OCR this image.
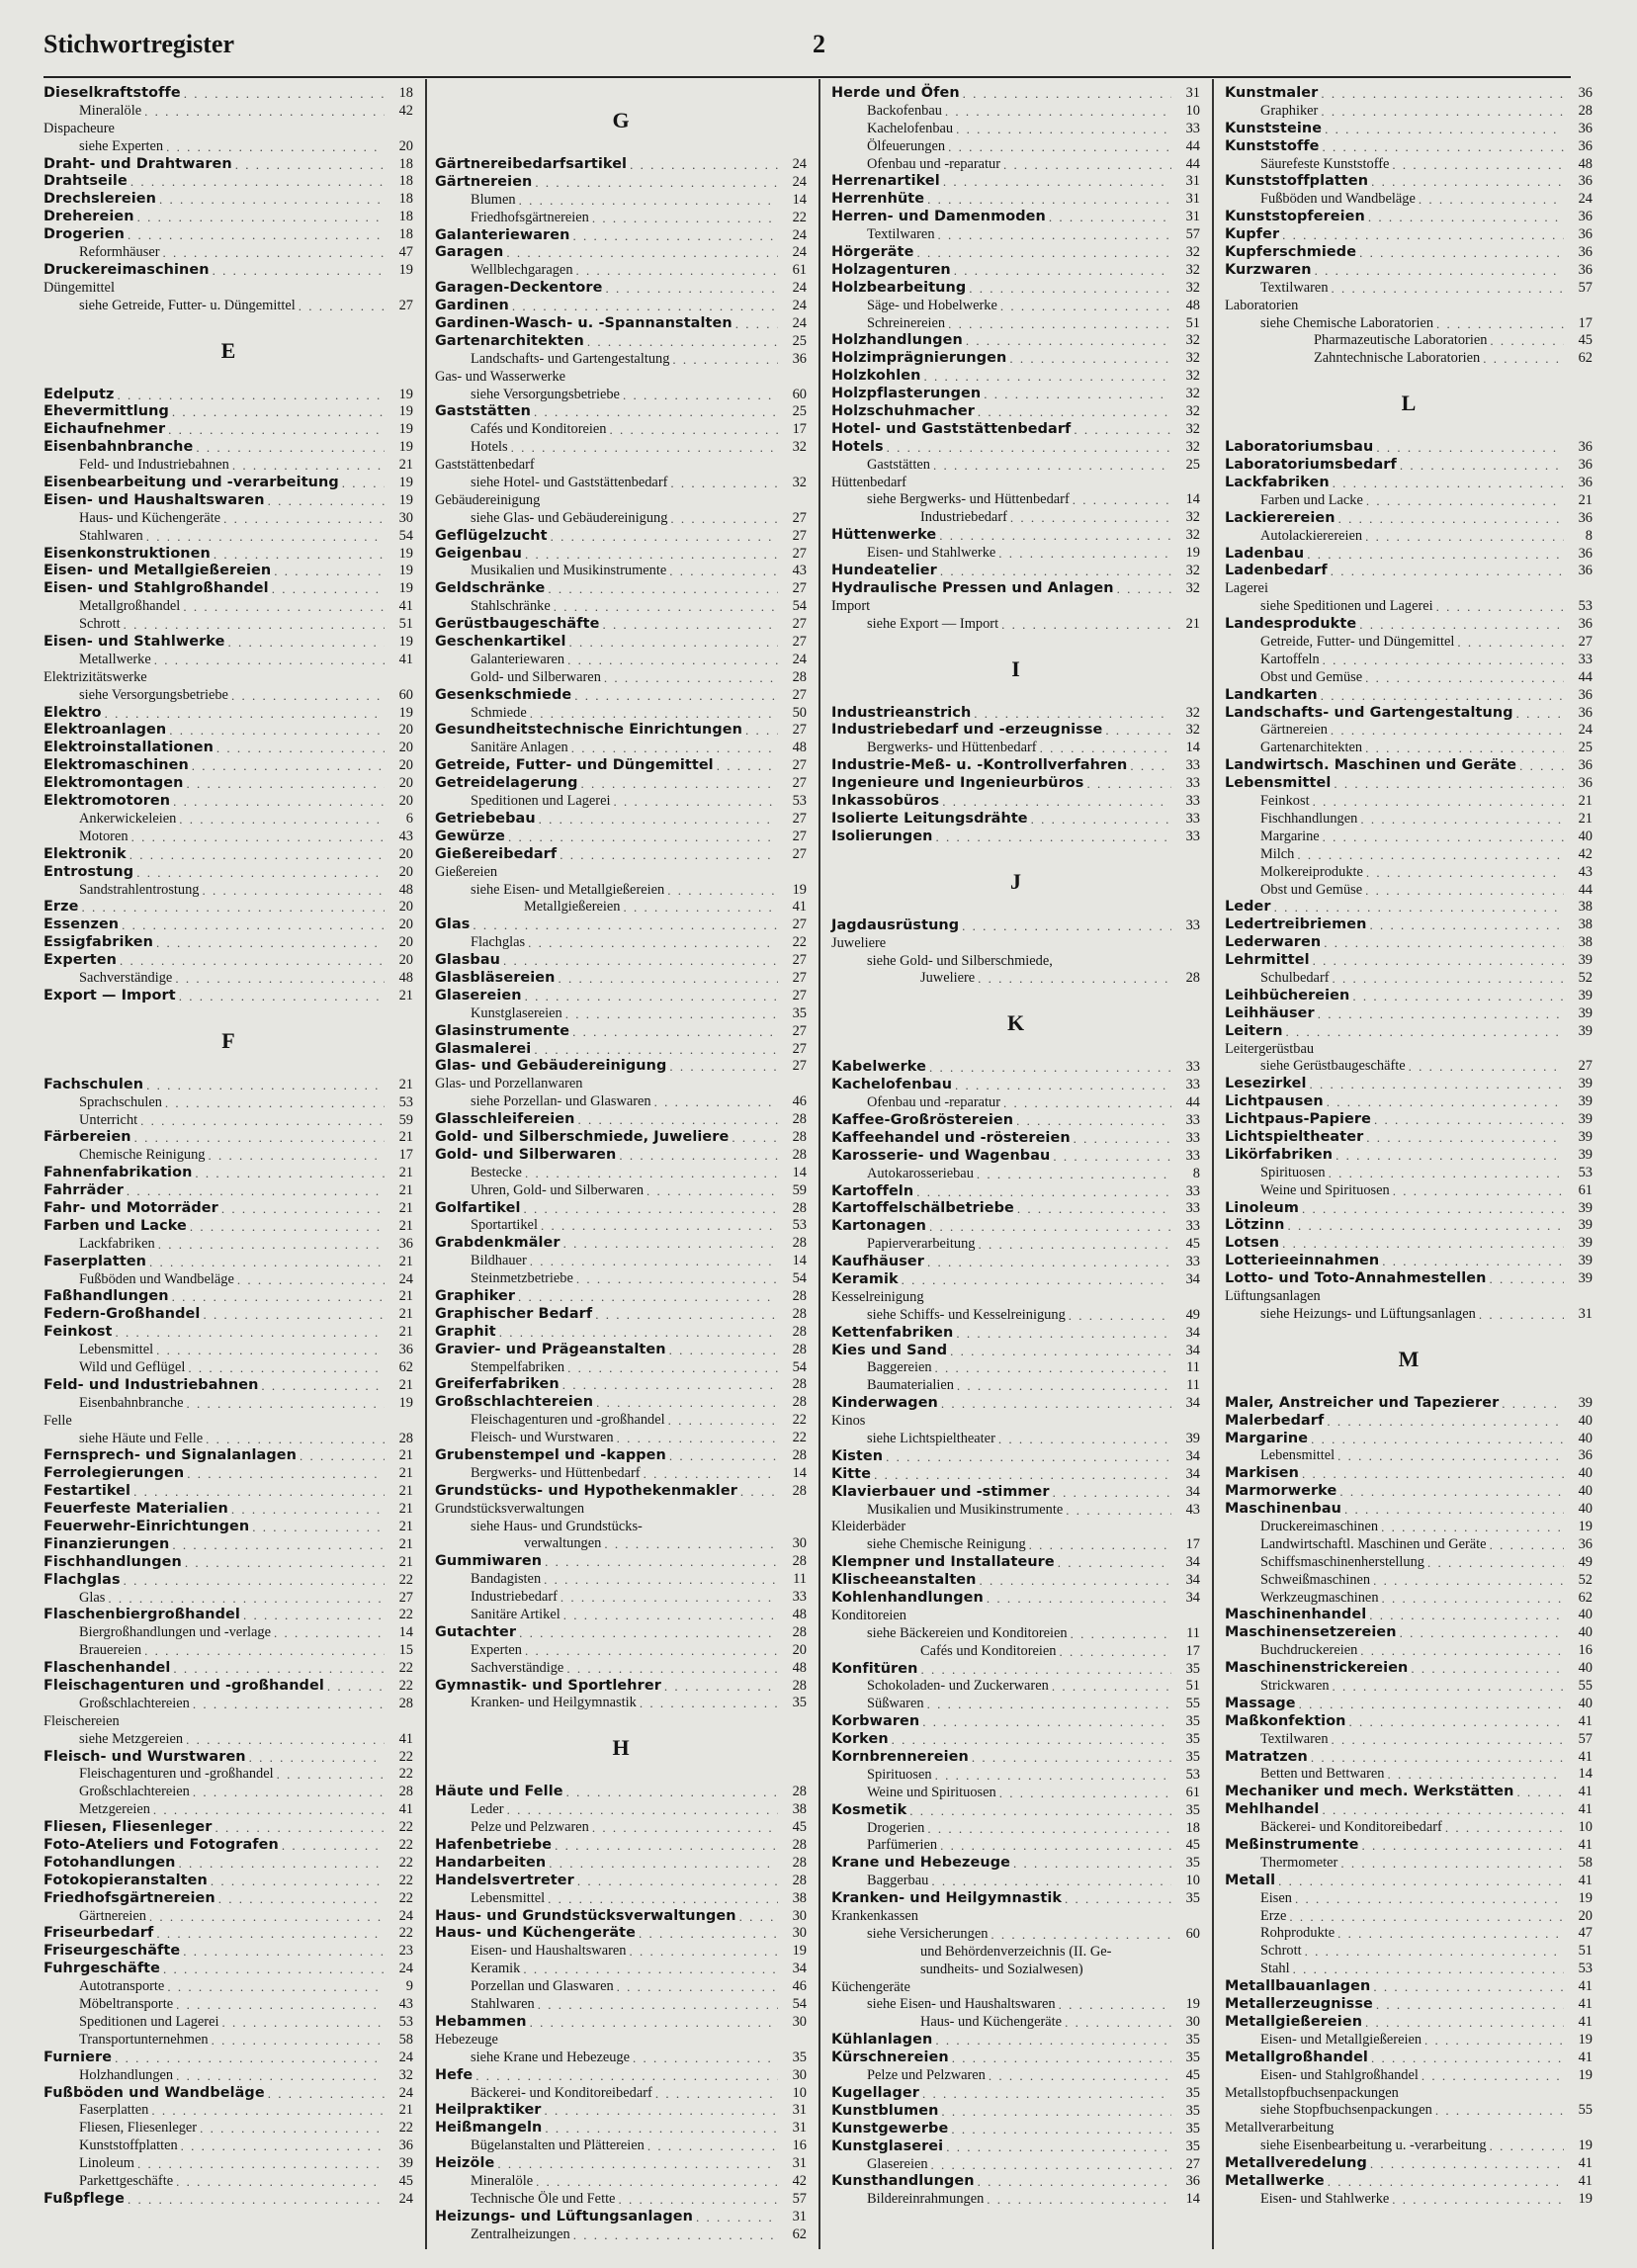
Stichwortregister	2
Dieselkraftstoffe . . .	18
Mineralöle . . .	42
Dispacheure
siehe Experten . . .	20
Draht- und Drahtwaren . . .	18
Drahtseile . . .	18
Drechslereien . . .	18
Drehereien . . .	18
Drogerien . . .	18
Reformhäuser . . .	47
Druckereimaschinen . . .	19
Düngemittel
siehe Getreide, Futter- u. Düngemittel . . .	27
E
Edelputz . . .	19
Ehevermittlung . . .	19
Eichaufnehmer . . .	19
Eisenbahnbranche . . .	19
Feld- und Industriebahnen . . .	21
Eisenbearbeitung und -verarbeitung . . .	19
Eisen- und Haushaltswaren . . .	19
Haus- und Küchengeräte . . .	30
Stahlwaren . . .	54
Eisenkonstruktionen . . .	19
Eisen- und Metallgießereien . . .	19
Eisen- und Stahlgroßhandel . . .	19
Metallgroßhandel . . .	41
Schrott . . .	51
Eisen- und Stahlwerke . . .	19
Metallwerke . . .	41
Elektrizitätswerke
siehe Versorgungsbetriebe . . .	60
Elektro . . .	19
Elektroanlagen . . .	20
Elektroinstallationen . . .	20
Elektromaschinen . . .	20
Elektromontagen . . .	20
Elektromotoren . . .	20
Ankerwickeleien . . .	6
Motoren . . .	43
Elektronik . . .	20
Entrostung . . .	20
Sandstrahlentrostung . . .	48
Erze . . .	20
Essenzen . . .	20
Essigfabriken . . .	20
Experten . . .	20
Sachverständige . . .	48
Export — Import . . .	21
F
Fachschulen . . .	21
Sprachschulen . . .	53
Unterricht . . .	59
Färbereien . . .	21
Chemische Reinigung . . .	17
Fahnenfabrikation . . .	21
Fahrräder . . .	21
Fahr- und Motorräder . . .	21
Farben und Lacke . . .	21
Lackfabriken . . .	36
Faserplatten . . .	21
Fußböden und Wandbeläge . . .	24
Faßhandlungen . . .	21
Federn-Großhandel . . .	21
Feinkost . . .	21
Lebensmittel . . .	36
Wild und Geflügel . . .	62
Feld- und Industriebahnen . . .	21
Eisenbahnbranche . . .	19
Felle
siehe Häute und Felle . . .	28
Fernsprech- und Signalanlagen . . .	21
Ferrolegierungen . . .	21
Festartikel . . .	21
Feuerfeste Materialien . . .	21
Feuerwehr-Einrichtungen . . .	21
Finanzierungen . . .	21
Fischhandlungen . . .	21
Flachglas . . .	22
Glas . . .	27
Flaschenbiergroßhandel . . .	22
Biergroßhandlungen und -verlage . . .	14
Brauereien . . .	15
Flaschenhandel . . .	22
Fleischagenturen und -großhandel . . .	22
Großschlachtereien . . .	28
Fleischereien
siehe Metzgereien . . .	41
Fleisch- und Wurstwaren . . .	22
Fleischagenturen und -großhandel . . .	22
Großschlachtereien . . .	28
Metzgereien . . .	41
Fliesen, Fliesenleger . . .	22
Foto-Ateliers und Fotografen . . .	22
Fotohandlungen . . .	22
Fotokopieranstalten . . .	22
Friedhofsgärtnereien . . .	22
Gärtnereien . . .	24
Friseurbedarf . . .	22
Friseurgeschäfte . . .	23
Fuhrgeschäfte . . .	24
Autotransporte . . .	9
Möbeltransporte . . .	43
Speditionen und Lagerei . . .	53
Transportunternehmen . . .	58
Furniere . . .	24
Holzhandlungen . . .	32
Fußböden und Wandbeläge . . .	24
Faserplatten . . .	21
Fliesen, Fliesenleger . . .	22
Kunststoffplatten . . .	36
Linoleum . . .	39
Parkettgeschäfte . . .	45
Fußpflege . . .	24
G
Gärtnereibedarfsartikel . . .	24
Gärtnereien . . .	24
Blumen . . .	14
Friedhofsgärtnereien . . .	22
Galanteriewaren . . .	24
Garagen . . .	24
Wellblechgaragen . . .	61
Garagen-Deckentore . . .	24
Gardinen . . .	24
Gardinen-Wasch- u. -Spannanstalten . . .	24
Gartenarchitekten . . .	25
Landschafts- und Gartengestaltung . . .	36
Gas- und Wasserwerke
siehe Versorgungsbetriebe . . .	60
Gaststätten . . .	25
Cafés und Konditoreien . . .	17
Hotels . . .	32
Gaststättenbedarf
siehe Hotel- und Gaststättenbedarf . . .	32
Gebäudereinigung
siehe Glas- und Gebäudereinigung . . .	27
Geflügelzucht . . .	27
Geigenbau . . .	27
Musikalien und Musikinstrumente . . .	43
Geldschränke . . .	27
Stahlschränke . . .	54
Gerüstbaugeschäfte . . .	27
Geschenkartikel . . .	27
Galanteriewaren . . .	24
Gold- und Silberwaren . . .	28
Gesenkschmiede . . .	27
Schmiede . . .	50
Gesundheitstechnische Einrichtungen . . .	27
Sanitäre Anlagen . . .	48
Getreide, Futter- und Düngemittel . . .	27
Getreidelagerung . . .	27
Speditionen und Lagerei . . .	53
Getriebebau . . .	27
Gewürze . . .	27
Gießereibedarf . . .	27
Gießereien
siehe Eisen- und Metallgießereien . . .	19
Metallgießereien . . .	41
Glas . . .	27
Flachglas . . .	22
Glasbau . . .	27
Glasbläsereien . . .	27
Glasereien . . .	27
Kunstglasereien . . .	35
Glasinstrumente . . .	27
Glasmalerei . . .	27
Glas- und Gebäudereinigung . . .	27
Glas- und Porzellanwaren
siehe Porzellan- und Glaswaren . . .	46
Glasschleifereien . . .	28
Gold- und Silberschmiede, Juweliere . . .	28
Gold- und Silberwaren . . .	28
Bestecke . . .	14
Uhren, Gold- und Silberwaren . . .	59
Golfartikel . . .	28
Sportartikel . . .	53
Grabdenkmäler . . .	28
Bildhauer . . .	14
Steinmetzbetriebe . . .	54
Graphiker . . .	28
Graphischer Bedarf . . .	28
Graphit . . .	28
Gravier- und Prägeanstalten . . .	28
Stempelfabriken . . .	54
Greiferfabriken . . .	28
Großschlachtereien . . .	28
Fleischagenturen und -großhandel . . .	22
Fleisch- und Wurstwaren . . .	22
Grubenstempel und -kappen . . .	28
Bergwerks- und Hüttenbedarf . . .	14
Grundstücks- und Hypothekenmakler . . .	28
Grundstücksverwaltungen
siehe Haus- und Grundstücks-
verwaltungen . . .	30
Gummiwaren . . .	28
Bandagisten . . .	11
Industriebedarf . . .	33
Sanitäre Artikel . . .	48
Gutachter . . .	28
Experten . . .	20
Sachverständige . . .	48
Gymnastik- und Sportlehrer . . .	28
Kranken- und Heilgymnastik . . .	35
H
Häute und Felle . . .	28
Leder . . .	38
Pelze und Pelzwaren . . .	45
Hafenbetriebe . . .	28
Handarbeiten . . .	28
Handelsvertreter . . .	28
Lebensmittel . . .	38
Haus- und Grundstücksverwaltungen . . .	30
Haus- und Küchengeräte . . .	30
Eisen- und Haushaltswaren . . .	19
Keramik . . .	34
Porzellan und Glaswaren . . .	46
Stahlwaren . . .	54
Hebammen . . .	30
Hebezeuge
siehe Krane und Hebezeuge . . .	35
Hefe . . .	30
Bäckerei- und Konditoreibedarf . . .	10
Heilpraktiker . . .	31
Heißmangeln . . .	31
Bügelanstalten und Plättereien . . .	16
Heizöle . . .	31
Mineralöle . . .	42
Technische Öle und Fette . . .	57
Heizungs- und Lüftungsanlagen . . .	31
Zentralheizungen . . .	62
Herde und Öfen . . .	31
Backofenbau . . .	10
Kachelofenbau . . .	33
Ölfeuerungen . . .	44
Ofenbau und -reparatur . . .	44
Herrenartikel . . .	31
Herrenhüte . . .	31
Herren- und Damenmoden . . .	31
Textilwaren . . .	57
Hörgeräte . . .	32
Holzagenturen . . .	32
Holzbearbeitung . . .	32
Säge- und Hobelwerke . . .	48
Schreinereien . . .	51
Holzhandlungen . . .	32
Holzimprägnierungen . . .	32
Holzkohlen . . .	32
Holzpflasterungen . . .	32
Holzschuhmacher . . .	32
Hotel- und Gaststättenbedarf . . .	32
Hotels . . .	32
Gaststätten . . .	25
Hüttenbedarf
siehe Bergwerks- und Hüttenbedarf . . .	14
Industriebedarf . . .	32
Hüttenwerke . . .	32
Eisen- und Stahlwerke . . .	19
Hundeatelier . . .	32
Hydraulische Pressen und Anlagen . . .	32
Import
siehe Export — Import . . .	21
I
Industrieanstrich . . .	32
Industriebedarf und -erzeugnisse . . .	32
Bergwerks- und Hüttenbedarf . . .	14
Industrie-Meß- u. -Kontrollverfahren . . .	33
Ingenieure und Ingenieurbüros . . .	33
Inkassobüros . . .	33
Isolierte Leitungsdrähte . . .	33
Isolierungen . . .	33
J
Jagdausrüstung . . .	33
Juweliere
siehe Gold- und Silberschmiede,
Juweliere . . .	28
K
Kabelwerke . . .	33
Kachelofenbau . . .	33
Ofenbau und -reparatur . . .	44
Kaffee-Großröstereien . . .	33
Kaffeehandel und -röstereien . . .	33
Karosserie- und Wagenbau . . .	33
Autokarosseriebau . . .	8
Kartoffeln . . .	33
Kartoffelschälbetriebe . . .	33
Kartonagen . . .	33
Papierverarbeitung . . .	45
Kaufhäuser . . .	33
Keramik . . .	34
Kesselreinigung
siehe Schiffs- und Kesselreinigung . . .	49
Kettenfabriken . . .	34
Kies und Sand . . .	34
Baggereien . . .	11
Baumaterialien . . .	11
Kinderwagen . . .	34
Kinos
siehe Lichtspieltheater . . .	39
Kisten . . .	34
Kitte . . .	34
Klavierbauer und -stimmer . . .	34
Musikalien und Musikinstrumente . . .	43
Kleiderbäder
siehe Chemische Reinigung . . .	17
Klempner und Installateure . . .	34
Klischeeanstalten . . .	34
Kohlenhandlungen . . .	34
Konditoreien
siehe Bäckereien und Konditoreien . . .	11
Cafés und Konditoreien . . .	17
Konfitüren . . .	35
Schokoladen- und Zuckerwaren . . .	51
Süßwaren . . .	55
Korbwaren . . .	35
Korken . . .	35
Kornbrennereien . . .	35
Spirituosen . . .	53
Weine und Spirituosen . . .	61
Kosmetik . . .	35
Drogerien . . .	18
Parfümerien . . .	45
Krane und Hebezeuge . . .	35
Baggerbau . . .	10
Kranken- und Heilgymnastik . . .	35
Krankenkassen
siehe Versicherungen . . .	60
und Behördenverzeichnis (II. Ge-
sundheits- und Sozialwesen)
Küchengeräte
siehe Eisen- und Haushaltswaren . . .	19
Haus- und Küchengeräte . . .	30
Kühlanlagen . . .	35
Kürschnereien . . .	35
Pelze und Pelzwaren . . .	45
Kugellager . . .	35
Kunstblumen . . .	35
Kunstgewerbe . . .	35
Kunstglaserei . . .	35
Glasereien . . .	27
Kunsthandlungen . . .	36
Bildereinrahmungen . . .	14
Kunstmaler . . .	36
Graphiker . . .	28
Kunststeine . . .	36
Kunststoffe . . .	36
Säurefeste Kunststoffe . . .	48
Kunststoffplatten . . .	36
Fußböden und Wandbeläge . . .	24
Kunststopfereien . . .	36
Kupfer . . .	36
Kupferschmiede . . .	36
Kurzwaren . . .	36
Textilwaren . . .	57
Laboratorien
siehe Chemische Laboratorien . . .	17
Pharmazeutische Laboratorien . . .	45
Zahntechnische Laboratorien . . .	62
L
Laboratoriumsbau . . .	36
Laboratoriumsbedarf . . .	36
Lackfabriken . . .	36
Farben und Lacke . . .	21
Lackierereien . . .	36
Autolackierereien . . .	8
Ladenbau . . .	36
Ladenbedarf . . .	36
Lagerei
siehe Speditionen und Lagerei . . .	53
Landesprodukte . . .	36
Getreide, Futter- und Düngemittel . . .	27
Kartoffeln . . .	33
Obst und Gemüse . . .	44
Landkarten . . .	36
Landschafts- und Gartengestaltung . . .	36
Gärtnereien . . .	24
Gartenarchitekten . . .	25
Landwirtsch. Maschinen und Geräte . . .	36
Lebensmittel . . .	36
Feinkost . . .	21
Fischhandlungen . . .	21
Margarine . . .	40
Milch . . .	42
Molkereiprodukte . . .	43
Obst und Gemüse . . .	44
Leder . . .	38
Ledertreibriemen . . .	38
Lederwaren . . .	38
Lehrmittel . . .	39
Schulbedarf . . .	52
Leihbüchereien . . .	39
Leihhäuser . . .	39
Leitern . . .	39
Leitergerüstbau
siehe Gerüstbaugeschäfte . . .	27
Lesezirkel . . .	39
Lichtpausen . . .	39
Lichtpaus-Papiere . . .	39
Lichtspieltheater . . .	39
Likörfabriken . . .	39
Spirituosen . . .	53
Weine und Spirituosen . . .	61
Linoleum . . .	39
Lötzinn . . .	39
Lotsen . . .	39
Lotterieeinnahmen . . .	39
Lotto- und Toto-Annahmestellen . . .	39
Lüftungsanlagen
siehe Heizungs- und Lüftungsanlagen . . .	31
M
Maler, Anstreicher und Tapezierer . . .	39
Malerbedarf . . .	40
Margarine . . .	40
Lebensmittel . . .	36
Markisen . . .	40
Marmorwerke . . .	40
Maschinenbau . . .	40
Druckereimaschinen . . .	19
Landwirtschaftl. Maschinen und Geräte . . .	36
Schiffsmaschinenherstellung . . .	49
Schweißmaschinen . . .	52
Werkzeugmaschinen . . .	62
Maschinenhandel . . .	40
Maschinensetzereien . . .	40
Buchdruckereien . . .	16
Maschinenstrickereien . . .	40
Strickwaren . . .	55
Massage . . .	40
Maßkonfektion . . .	41
Textilwaren . . .	57
Matratzen . . .	41
Betten und Bettwaren . . .	14
Mechaniker und mech. Werkstätten . . .	41
Mehlhandel . . .	41
Bäckerei- und Konditoreibedarf . . .	10
Meßinstrumente . . .	41
Thermometer . . .	58
Metall . . .	41
Eisen . . .	19
Erze . . .	20
Rohprodukte . . .	47
Schrott . . .	51
Stahl . . .	53
Metallbauanlagen . . .	41
Metallerzeugnisse . . .	41
Metallgießereien . . .	41
Eisen- und Metallgießereien . . .	19
Metallgroßhandel . . .	41
Eisen- und Stahlgroßhandel . . .	19
Metallstopfbuchsenpackungen
siehe Stopfbuchsenpackungen . . .	55
Metallverarbeitung
siehe Eisenbearbeitung u. -verarbeitung . . .	19
Metallveredelung . . .	41
Metallwerke . . .	41
Eisen- und Stahlwerke . . .	19
